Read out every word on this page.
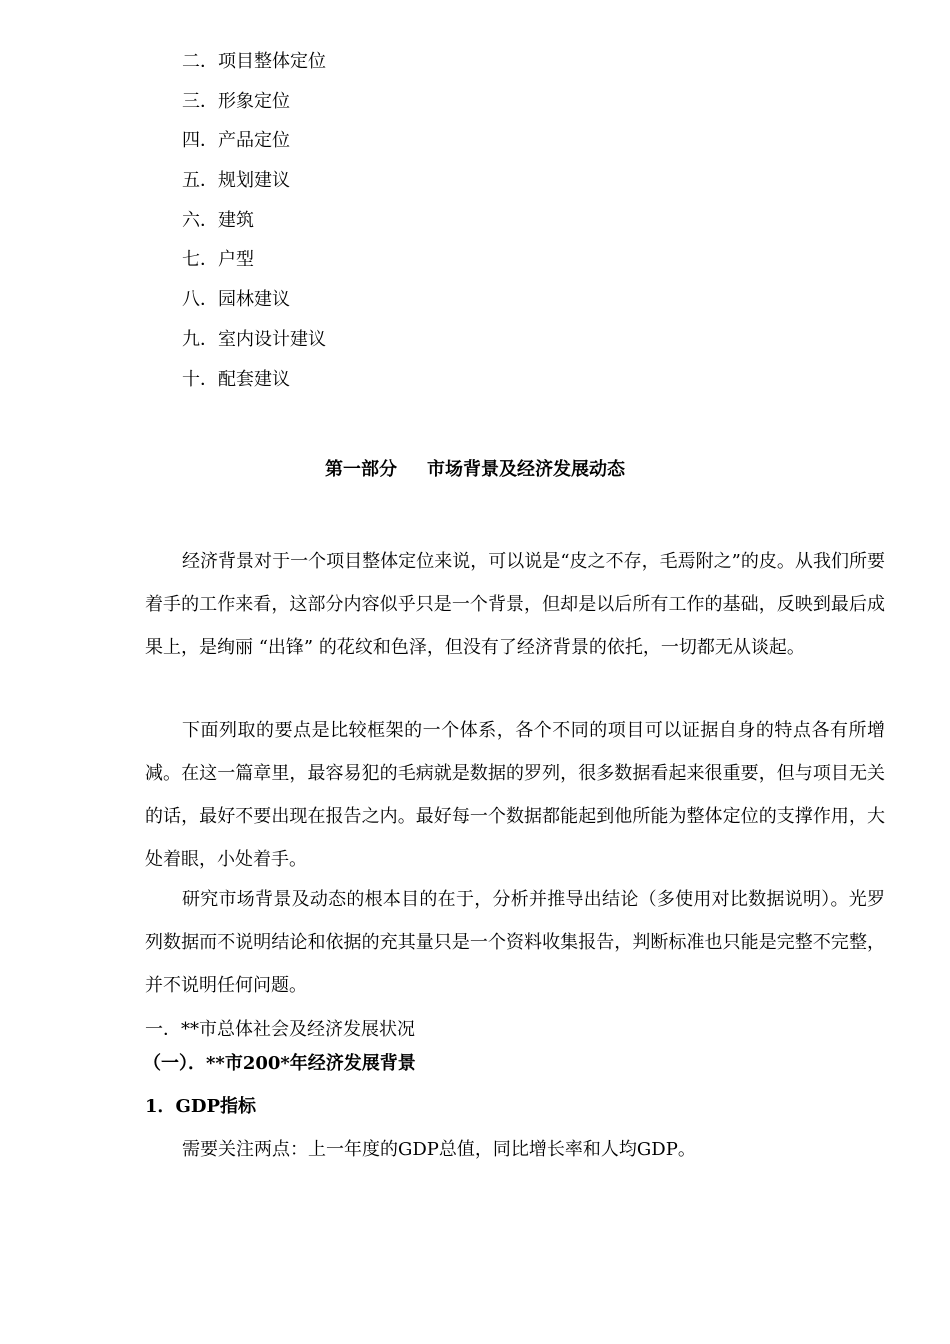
二．项目整体定位
三．形象定位
四．产品定位
五．规划建议
六．建筑
七．户型
八．园林建议
九．室内设计建议
十．配套建议
第一部分 市场背景及经济发展动态

经济背景对于一个项目整体定位来说，可以说是“皮之不存，毛焉附之”的皮。从我们所要着手的工作来看，这部分内容似乎只是一个背景，但却是以后所有工作的基础，反映到最后成果上，是绚丽 “出锋” 的花纹和色泽，但没有了经济背景的依托，一切都无从谈起。

下面列取的要点是比较框架的一个体系，各个不同的项目可以证据自身的特点各有所增减。在这一篇章里，最容易犯的毛病就是数据的罗列，很多数据看起来很重要，但与项目无关的话，最好不要出现在报告之内。最好每一个数据都能起到他所能为整体定位的支撑作用，大处着眼，小处着手。

研究市场背景及动态的根本目的在于，分析并推导出结论（多使用对比数据说明）。光罗列数据而不说明结论和依据的充其量只是一个资料收集报告，判断标准也只能是完整不完整，并不说明任何问题。

一．**市总体社会及经济发展状况
（一）．**市200*年经济发展背景
1．GDP指标
需要关注两点：上一年度的GDP总值，同比增长率和人均GDP。
